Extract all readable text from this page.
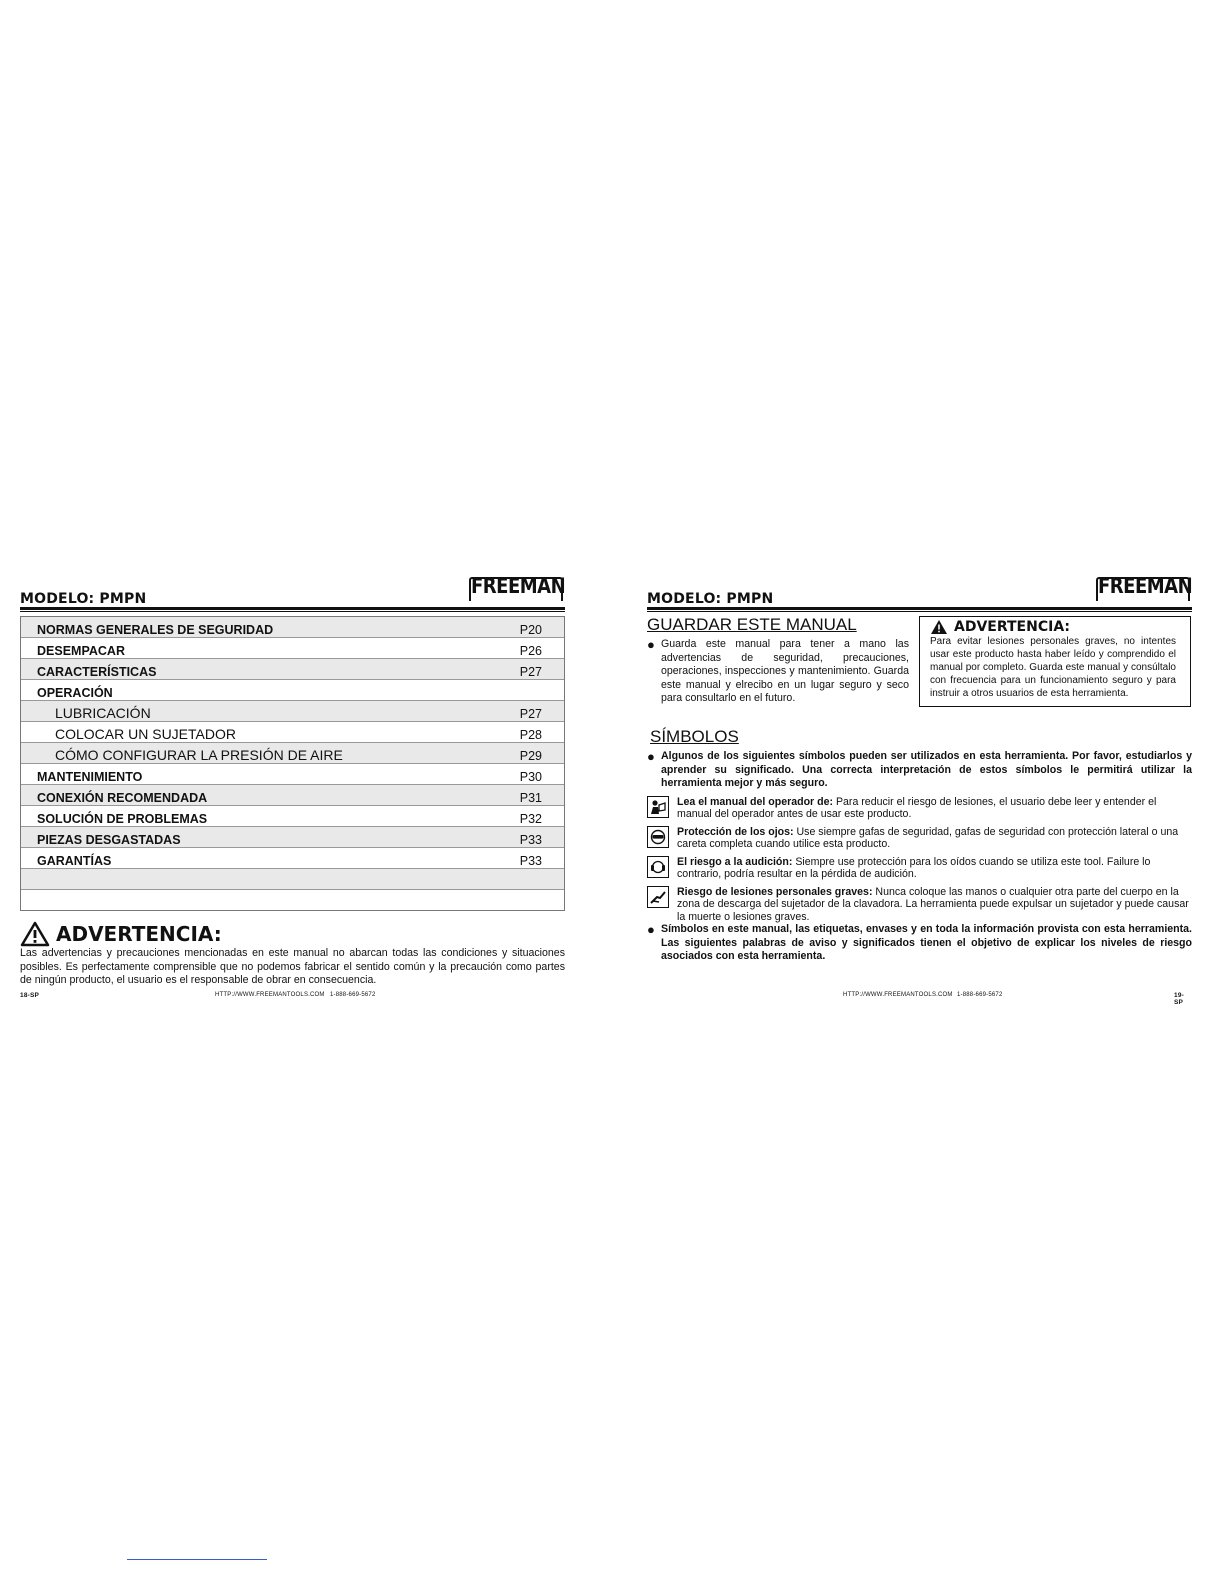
MODELO: PMPN	FREEMAN
NORMAS GENERALES DE SEGURIDAD	P20
DESEMPACAR	P26
CARACTERÍSTICAS	P27
OPERACIÓN
LUBRICACIÓN	P27
COLOCAR UN SUJETADOR	P28
CÓMO CONFIGURAR LA PRESIÓN DE AIRE	P29
MANTENIMIENTO	P30
CONEXIÓN RECOMENDADA	P31
SOLUCIÓN DE PROBLEMAS	P32
PIEZAS DESGASTADAS	P33
GARANTÍAS	P33
ADVERTENCIA:
Las advertencias y precauciones mencionadas en este manual no abarcan todas las condiciones y situaciones posibles. Es perfectamente comprensible que no podemos fabricar el sentido común y la precaución como partes de ningún producto, el usuario es el responsable de obrar en consecuencia.
18-SP	HTTP://WWW.FREEMANTOOLS.COM 1-888-669-5672
MODELO: PMPN	FREEMAN
GUARDAR ESTE MANUAL
● Guarda este manual para tener a mano las advertencias de seguridad, precauciones, operaciones, inspecciones y mantenimiento. Guarda este manual y elrecibo en un lugar seguro y seco para consultarlo en el futuro.
ADVERTENCIA:
Para evitar lesiones personales graves, no intentes usar este producto hasta haber leído y comprendido el manual por completo. Guarda este manual y consúltalo con frecuencia para un funcionamiento seguro y para instruir a otros usuarios de esta herramienta.
SÍMBOLOS
● Algunos de los siguientes símbolos pueden ser utilizados en esta herramienta. Por favor, estudiarlos y aprender su significado. Una correcta interpretación de estos símbolos le permitirá utilizar la herramienta mejor y más seguro.
Lea el manual del operador de: Para reducir el riesgo de lesiones, el usuario debe leer y entender el manual del operador antes de usar este producto.
Protección de los ojos: Use siempre gafas de seguridad, gafas de seguridad con protección lateral o una careta completa cuando utilice esta producto.
El riesgo a la audición: Siempre use protección para los oídos cuando se utiliza este tool. Failure lo contrario, podría resultar en la pérdida de audición.
Riesgo de lesiones personales graves: Nunca coloque las manos o cualquier otra parte del cuerpo en la zona de descarga del sujetador de la clavadora. La herramienta puede expulsar un sujetador y puede causar la muerte o lesiones graves.
● Símbolos en este manual, las etiquetas, envases y en toda la información provista con esta herramienta. Las siguientes palabras de aviso y significados tienen el objetivo de explicar los niveles de riesgo asociados con esta herramienta.
HTTP://WWW.FREEMANTOOLS.COM 1-888-669-5672	19-SP
